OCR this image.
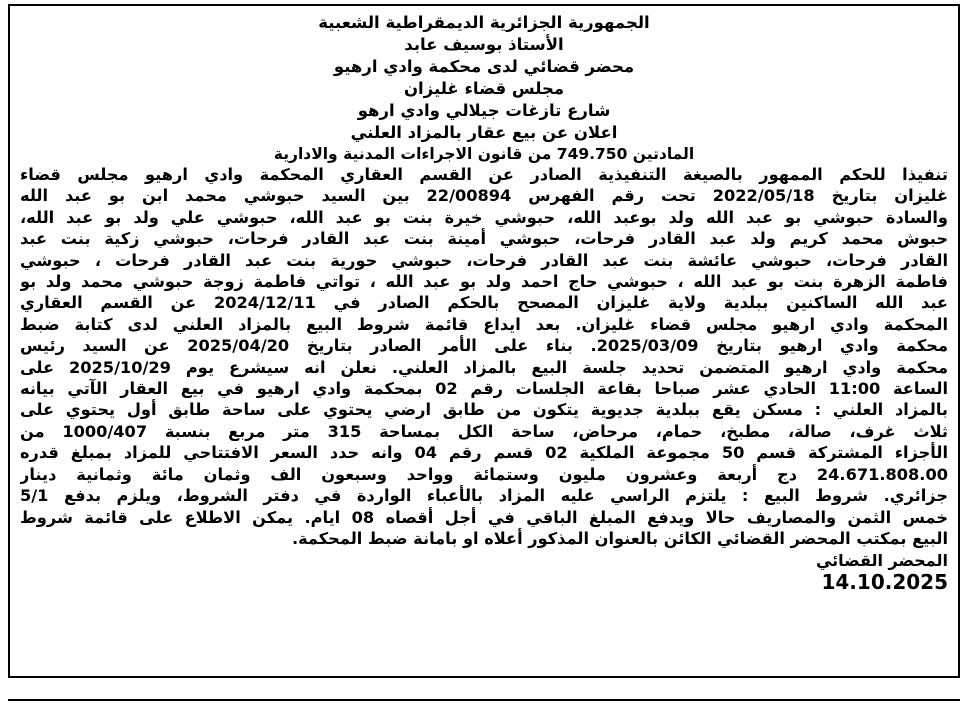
الجمهورية الجزائرية الديمقراطية الشعبية
الأستاذ بوسيف عابد
محضر قضائي لدى محكمة وادي ارهيو
مجلس قضاء غليزان
شارع تازغات جيلالي وادي ارهو
اعلان عن بيع عقار بالمزاد العلني
المادتين 749.750 من قانون الاجراءات المدنية والادارية
تنفيذا للحكم الممهور بالصيغة التنفيذية الصادر عن القسم العقاري المحكمة وادي ارهيو مجلس قضاء
غليزان بتاريخ 2022/05/18 تحت رقم الفهرس 22/00894 بين السيد حبوشي محمد ابن بو عبد الله
والسادة حبوشي بو عبد الله ولد بوعبد الله، حبوشي خيرة بنت بو عبد الله، حبوشي علي ولد بو عبد الله،
حبوش محمد كريم ولد عبد القادر فرحات، حبوشي أمينة بنت عبد القادر فرحات، حبوشي زكية بنت عبد
القادر فرحات، حبوشي عائشة بنت عبد القادر فرحات، حبوشي حورية بنت عبد القادر فرحات ، حبوشي
فاطمة الزهرة بنت بو عبد الله ، حبوشي حاج احمد ولد بو عبد الله ، تواتي فاطمة زوجة حبوشي محمد ولد بو
عبد الله الساكنين ببلدية ولاية غليزان المصحح بالحكم الصادر في 2024/12/11 عن القسم العقاري
المحكمة وادي ارهيو مجلس قضاء غليزان. بعد ايداع قائمة شروط البيع بالمزاد العلني لدى كتابة ضبط
محكمة وادي ارهيو بتاريخ 2025/03/09. بناء على الأمر الصادر بتاريخ 2025/04/20 عن السيد رئيس
محكمة وادي ارهيو المتضمن تحديد جلسة البيع بالمزاد العلني. نعلن انه سيشرع يوم 2025/10/29 على
الساعة 11:00 الحادي عشر صباحا بقاعة الجلسات رقم 02 بمحكمة وادي ارهيو في بيع العقار الآتي بيانه
بالمزاد العلني : مسكن يقع ببلدية جديوية يتكون من طابق ارضي يحتوي على ساحة طابق أول يحتوي على
ثلاث غرف، صالة، مطبخ، حمام، مرحاض، ساحة الكل بمساحة 315 متر مربع بنسبة 1000/407 من
الأجزاء المشتركة قسم 50 مجموعة الملكية 02 قسم رقم 04 وانه حدد السعر الافتتاحي للمزاد بمبلغ قدره
24.671.808.00 دج أربعة وعشرون مليون وستمائة وواحد وسبعون الف وثمان مائة وثمانية دينار
جزائري. شروط البيع : يلتزم الراسي عليه المزاد بالأعباء الواردة في دفتر الشروط، ويلزم بدفع 5/1
خمس الثمن والمصاريف حالا ويدفع المبلغ الباقي في أجل أقصاه 08 ايام. يمكن الاطلاع على قائمة شروط
البيع بمكتب المحضر القضائي الكائن بالعنوان المذكور أعلاه او بامانة ضبط المحكمة.
المحضر القضائي
14.10.2025
